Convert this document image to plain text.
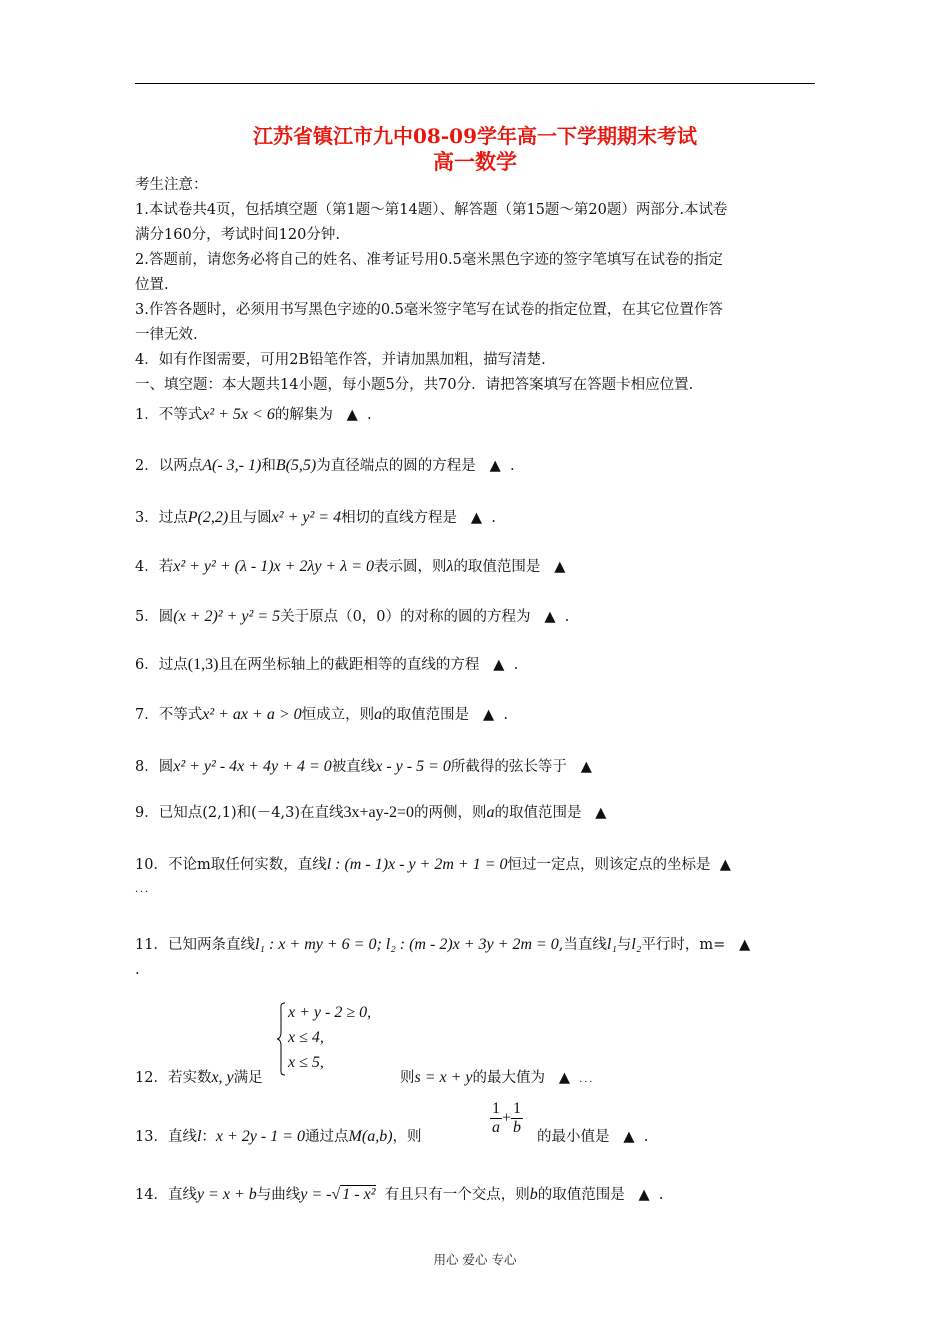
江苏省镇江市九中08-09学年高一下学期期末考试
高一数学
考生注意：
1.本试卷共4页，包括填空题（第1题～第14题）、解答题（第15题～第20题）两部分.本试卷
满分160分，考试时间120分钟.
2.答题前，请您务必将自己的姓名、准考证号用0.5毫米黑色字迹的签字笔填写在试卷的指定
位置.
3.作答各题时，必须用书写黑色字迹的0.5毫米签字笔写在试卷的指定位置，在其它位置作答
一律无效.
4．如有作图需要，可用2B铅笔作答，并请加黑加粗，描写清楚.
一、填空题：本大题共14小题，每小题5分，共70分．请把答案填写在答题卡相应位置.
1．不等式x² + 5x < 6的解集为 ▲  .
2．以两点A(- 3,- 1)和B(5,5)为直径端点的圆的方程是 ▲  .
3．过点P(2,2)且与圆x² + y² = 4相切的直线方程是 ▲  .
4．若x² + y² + (λ - 1)x + 2λy + λ = 0表示圆，则λ的取值范围是 ▲
5．圆(x + 2)² + y² = 5关于原点（0，0）的对称的圆的方程为 ▲  .
6．过点(1,3)且在两坐标轴上的截距相等的直线的方程 ▲  .
7．不等式x² + ax + a > 0恒成立，则a的取值范围是 ▲  .
8．圆x² + y² - 4x + 4y + 4 = 0被直线x - y - 5 = 0所截得的弦长等于 ▲
9．已知点(2,1)和(－4,3)在直线3x+ay-2=0的两侧，则a的取值范围是 ▲
10．不论m取任何实数，直线l : (m - 1)x - y + 2m + 1 = 0恒过一定点，则该定点的坐标是 ▲
．．．
11．已知两条直线l₁ : x + my + 6 = 0; l₂ : (m - 2)x + 3y + 2m = 0,当直线l₁与l₂平行时，m= ▲
.
x + y - 2 ≥ 0,
x ≤ 4,
x ≤ 5,
12．若实数x, y满足	则s = x + y的最大值为 ▲ ．．．
13．直线l：x + 2y - 1 = 0通过点M(a,b)，则	$\frac{1}{a} + \frac{1}{b}$ 的最小值是 ▲  .
14．直线y = x + b与曲线y = -√ 1 - x² 有且只有一个交点，则b的取值范围是 ▲  .
用心 爱心 专心
